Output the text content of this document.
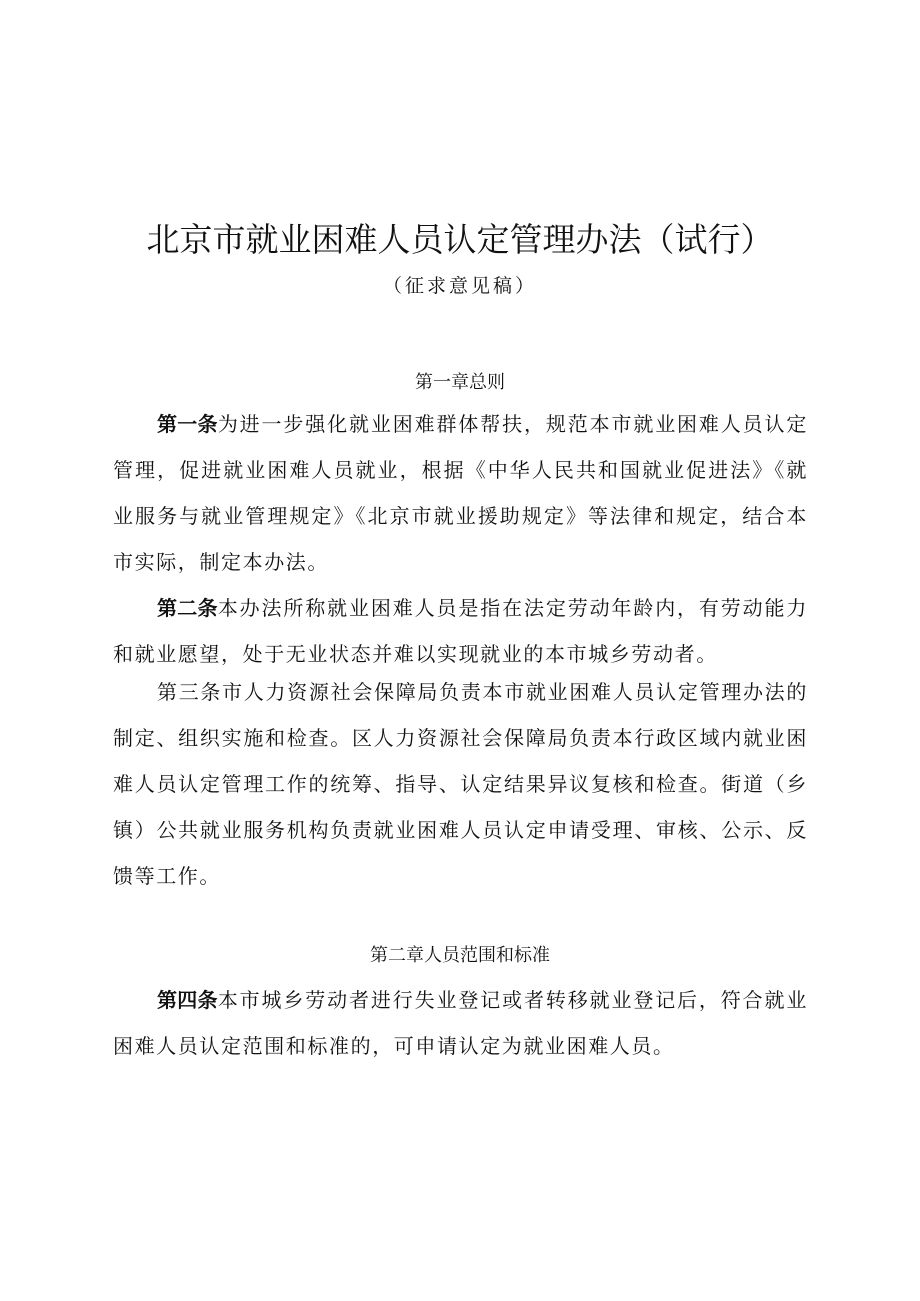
北京市就业困难人员认定管理办法（试行）
（征求意见稿）
第一章总则

第一条为进一步强化就业困难群体帮扶，规范本市就业困难人员认定管理，促进就业困难人员就业，根据《中华人民共和国就业促进法》《就业服务与就业管理规定》《北京市就业援助规定》等法律和规定，结合本市实际，制定本办法。

第二条本办法所称就业困难人员是指在法定劳动年龄内，有劳动能力和就业愿望，处于无业状态并难以实现就业的本市城乡劳动者。

第三条市人力资源社会保障局负责本市就业困难人员认定管理办法的制定、组织实施和检查。区人力资源社会保障局负责本行政区域内就业困难人员认定管理工作的统筹、指导、认定结果异议复核和检查。街道（乡镇）公共就业服务机构负责就业困难人员认定申请受理、审核、公示、反馈等工作。

第二章人员范围和标准

第四条本市城乡劳动者进行失业登记或者转移就业登记后，符合就业困难人员认定范围和标准的，可申请认定为就业困难人员。
